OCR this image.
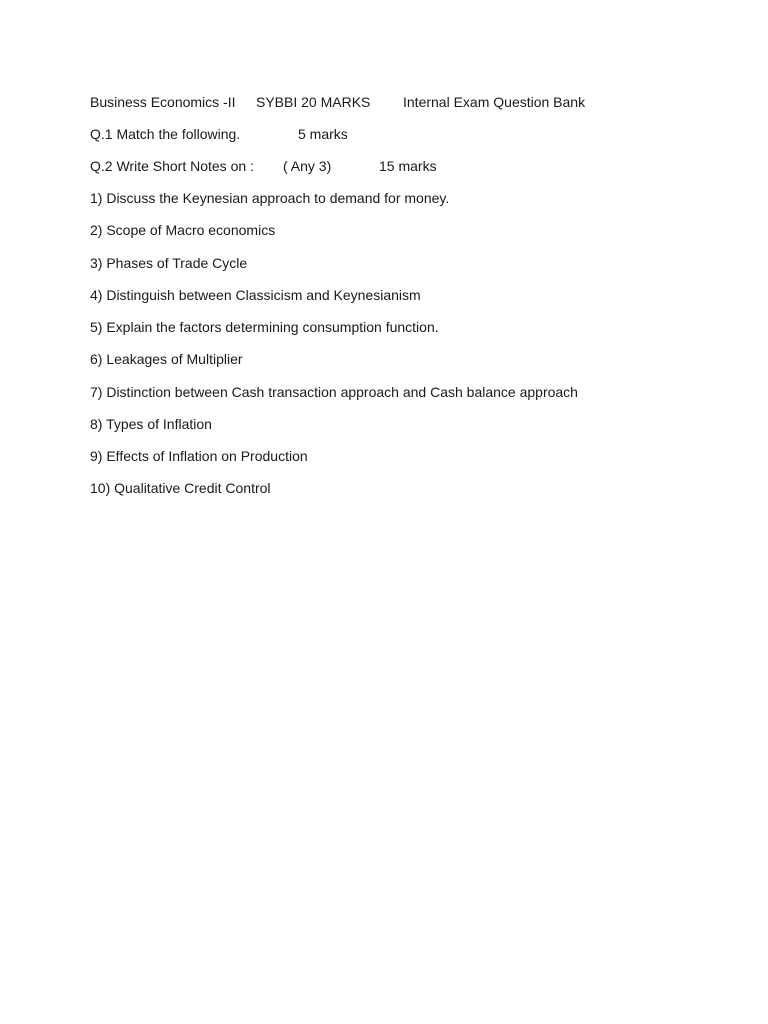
Business Economics -II

SYBBI 20 MARKS

Internal Exam Question Bank

Q.1 Match the following.

	5 marks

Q.2 Write Short Notes on :

( Any 3)

	15 marks

1) Discuss the Keynesian approach to demand for money.
2) Scope of Macro economics
3) Phases of Trade Cycle
4) Distinguish between Classicism and Keynesianism
5) Explain the factors determining consumption function.
6) Leakages of Multiplier
7) Distinction between Cash transaction approach and Cash balance approach
8) Types of Inflation
9) Effects of Inflation on Production
10) Qualitative Credit Control
